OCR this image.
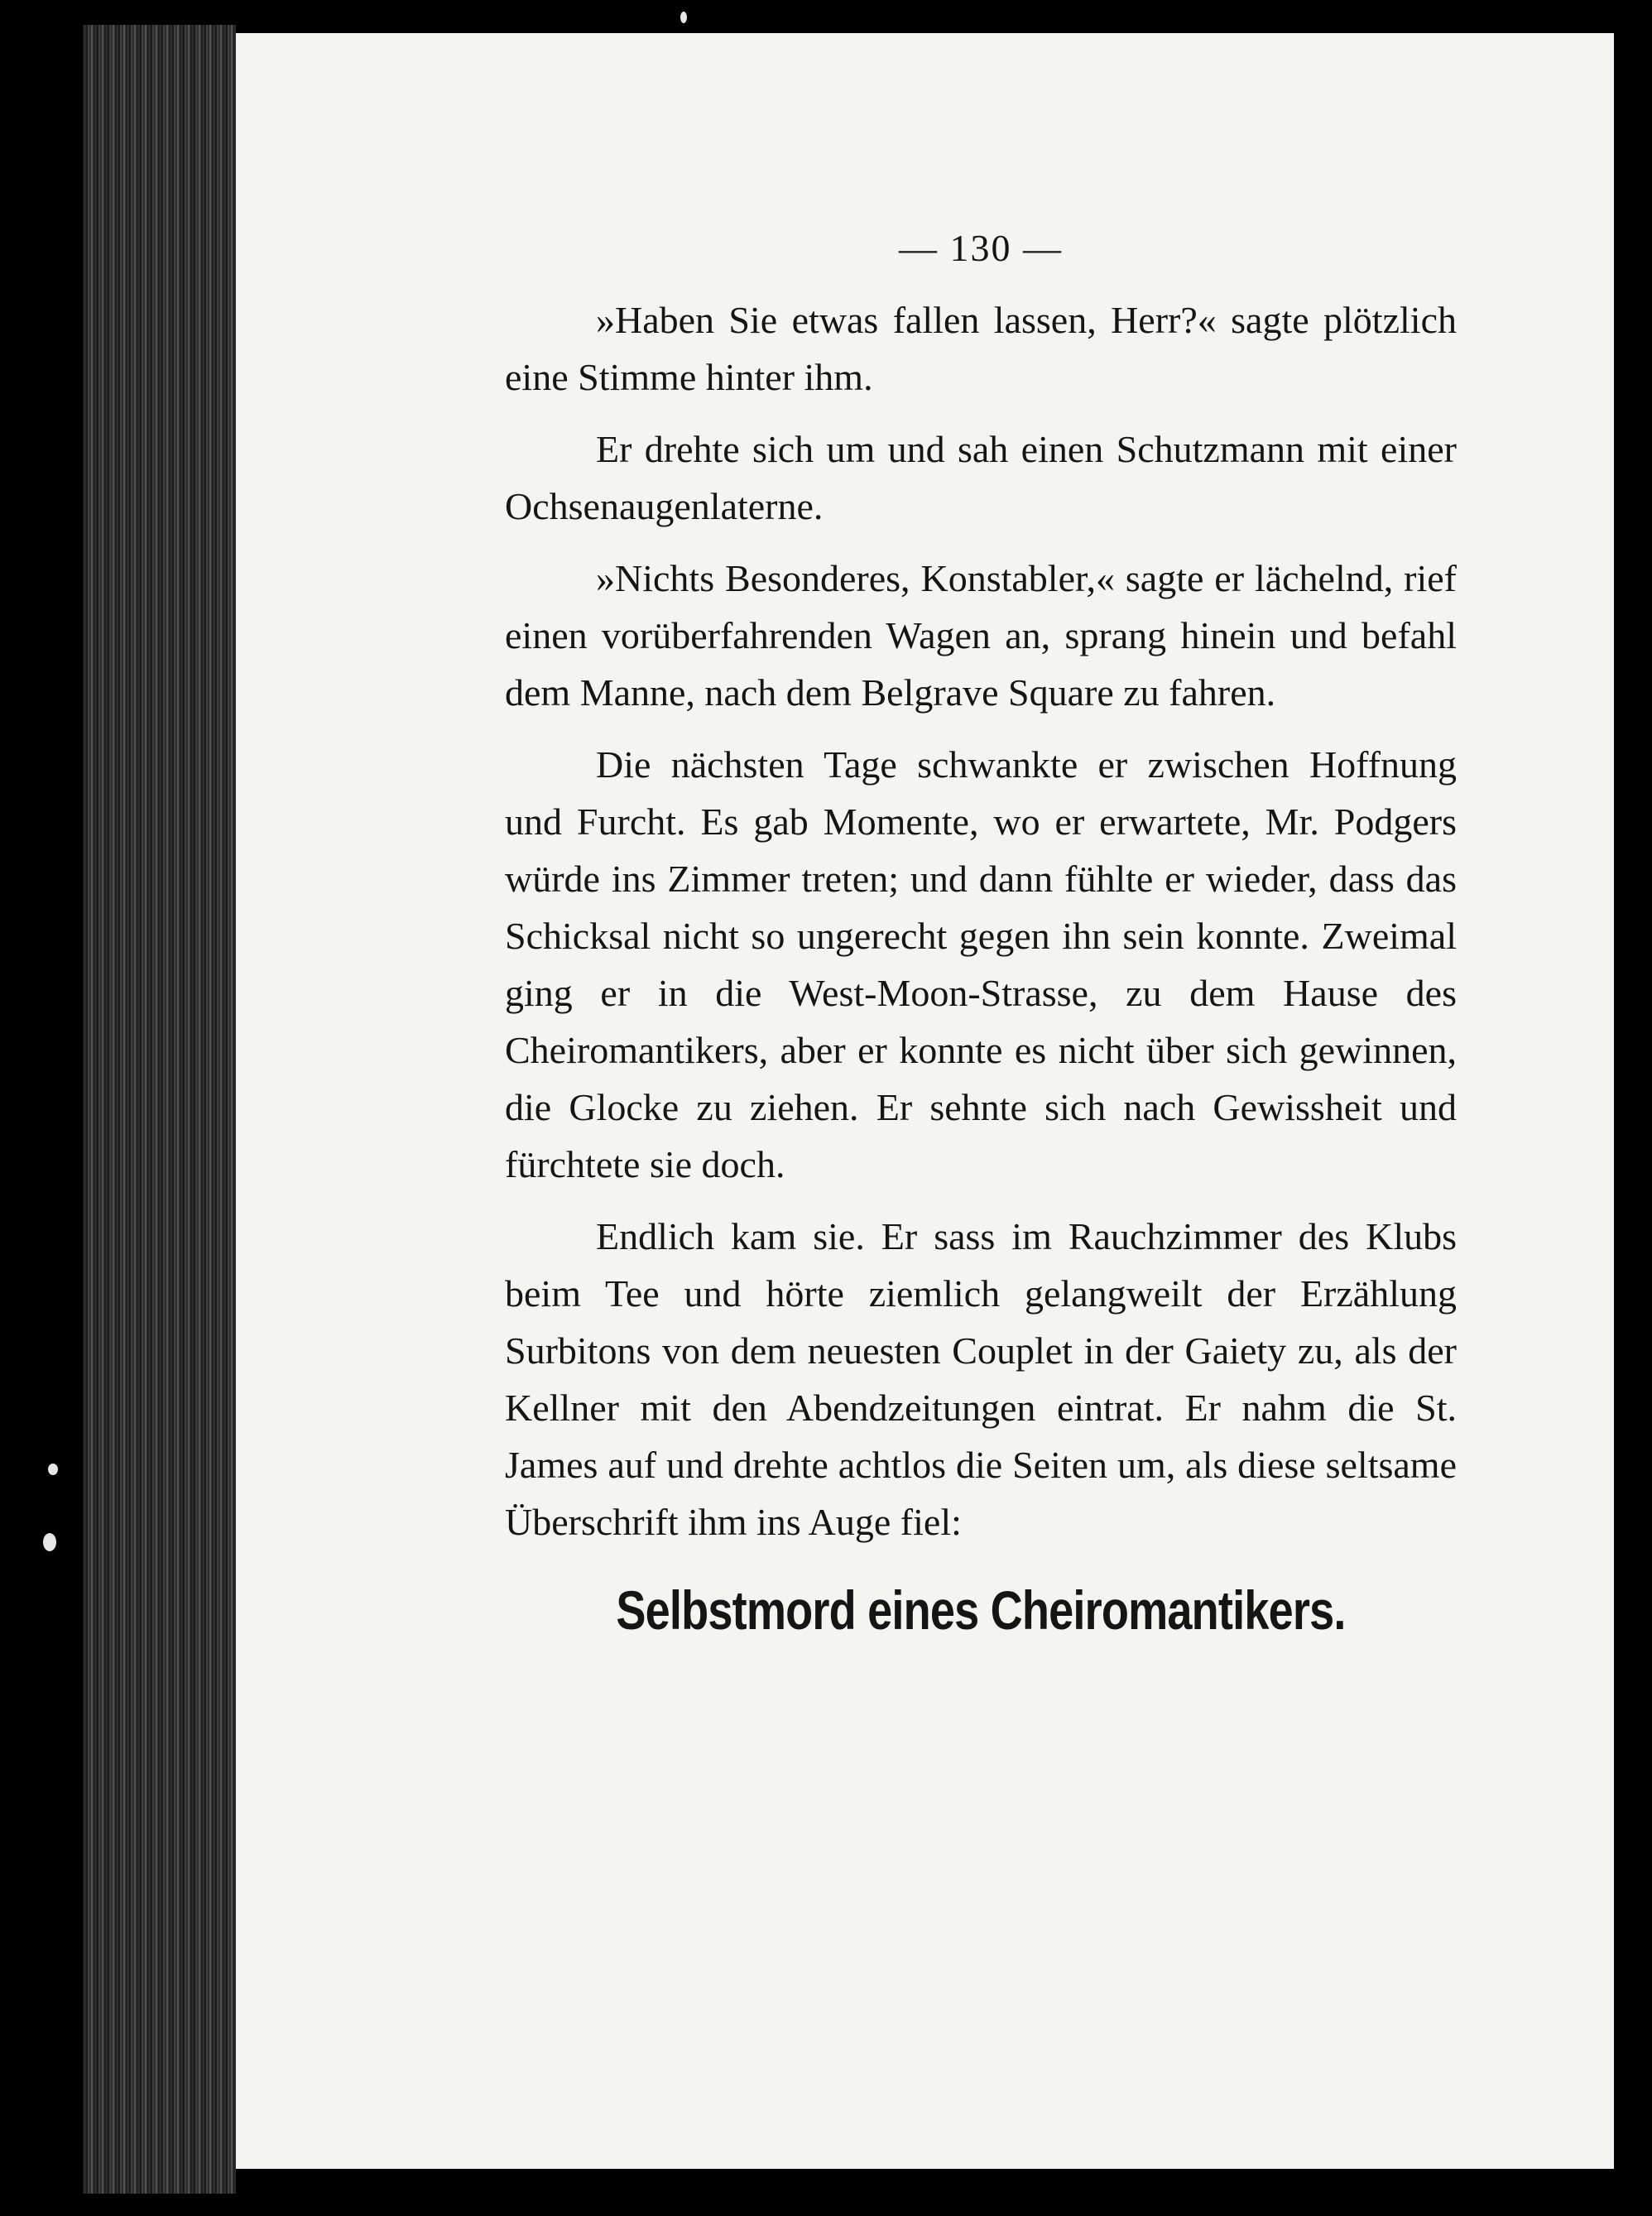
— 130 —

»Haben Sie etwas fallen lassen, Herr?« sagte plötzlich eine Stimme hinter ihm.

Er drehte sich um und sah einen Schutzmann mit einer Ochsenaugenlaterne.

»Nichts Besonderes, Konstabler,« sagte er lächelnd, rief einen vorüberfahrenden Wagen an, sprang hinein und befahl dem Manne, nach dem Belgrave Square zu fahren.

Die nächsten Tage schwankte er zwischen Hoffnung und Furcht. Es gab Momente, wo er erwartete, Mr. Podgers würde ins Zimmer treten; und dann fühlte er wieder, dass das Schicksal nicht so ungerecht gegen ihn sein konnte. Zweimal ging er in die West-Moon-Strasse, zu dem Hause des Cheiromantikers, aber er konnte es nicht über sich gewinnen, die Glocke zu ziehen. Er sehnte sich nach Gewissheit und fürchtete sie doch.

Endlich kam sie. Er sass im Rauchzimmer des Klubs beim Tee und hörte ziemlich gelangweilt der Erzählung Surbitons von dem neuesten Couplet in der Gaiety zu, als der Kellner mit den Abendzeitungen eintrat. Er nahm die St. James auf und drehte achtlos die Seiten um, als diese seltsame Überschrift ihm ins Auge fiel:

Selbstmord eines Cheiromantikers.
